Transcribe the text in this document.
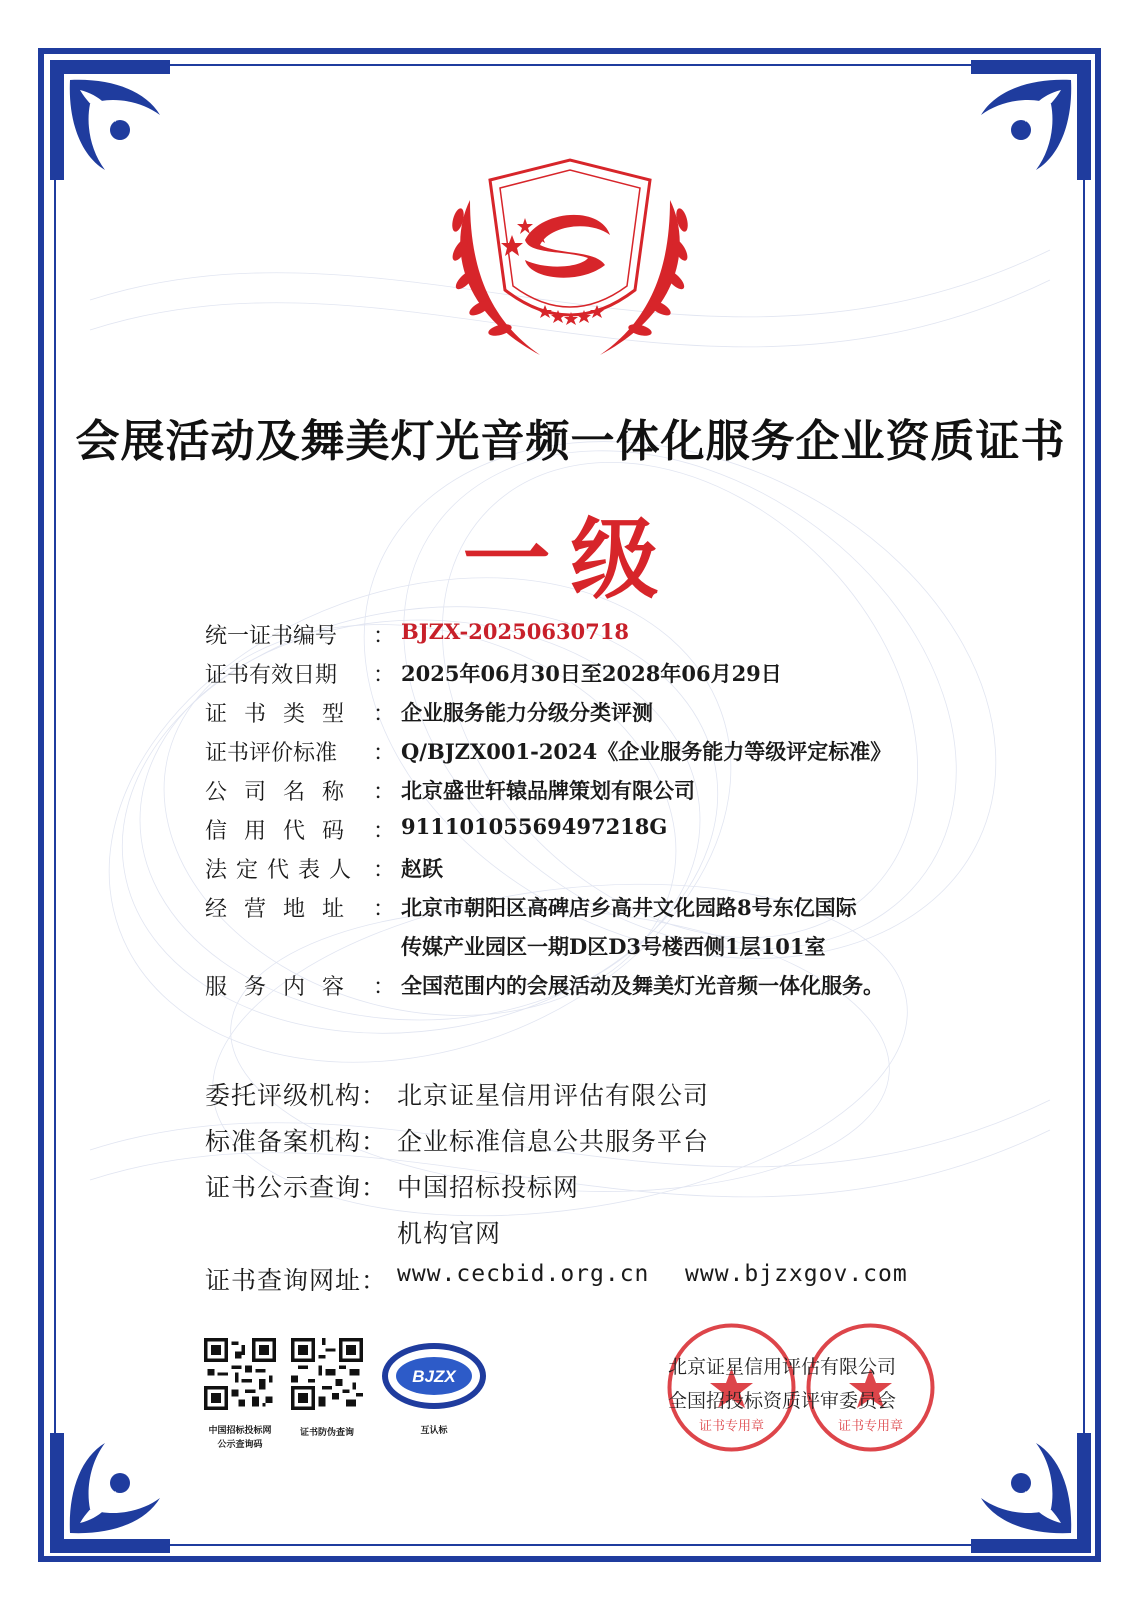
会展活动及舞美灯光音频一体化服务企业资质证书
一级
统一证书编号	： BJZX-20250630718
证书有效日期	： 2025年06月30日至2028年06月29日
证书类型 ： 企业服务能力分级分类评测
证书评价标准	： Q/BJZX001-2024《企业服务能力等级评定标准》
公司名称 ： 北京盛世轩辕品牌策划有限公司
信用代码 ： 91110105569497218G
法定代表人 ： 赵跃
经营地址 ： 北京市朝阳区高碑店乡高井文化园路8号东亿国际
传媒产业园区一期D区D3号楼西侧1层101室
服务内容 ： 全国范围内的会展活动及舞美灯光音频一体化服务。
委托评级机构： 北京证星信用评估有限公司
标准备案机构： 企业标准信息公共服务平台
证书公示查询： 中国招标投标网
机构官网
证书查询网址： www.cecbid.org.cn www.bjzxgov.com
中国招标投标网
公示查询码
证书防伪查询
BJZX
互认标	证书专用章	证书专用章
北京证星信用评估有限公司
全国招投标资质评审委员会
